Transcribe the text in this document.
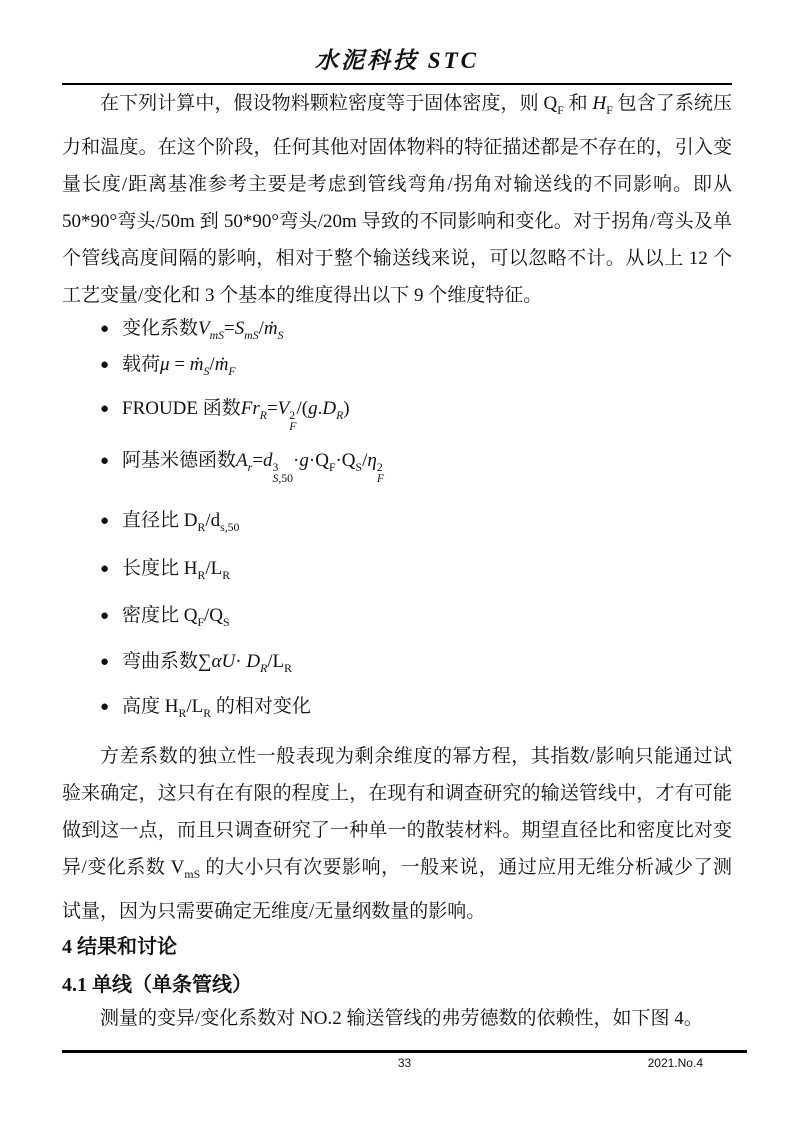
水泥科技 STC

在下列计算中，假设物料颗粒密度等于固体密度，则 $Q_F$ 和 $H_F$ 包含了系统压力和温度。在这个阶段，任何其他对固体物料的特征描述都是不存在的，引入变量长度/距离基准参考主要是考虑到管线弯角/拐角对输送线的不同影响。即从 50*90°弯头/50m 到 50*90°弯头/20m 导致的不同影响和变化。对于拐角/弯头及单个管线高度间隔的影响，相对于整个输送线来说，可以忽略不计。从以上 12 个工艺变量/变化和 3 个基本的维度得出以下 9 个维度特征。

● 变化系数$V_{mS}=S_{mS}/ṁ_S$
● 载荷μ = ṁ$_S$/ṁ$_F$
● FROUDE 函数$Fr_R=V$ 2
F
$/(g.D_R)$
● 阿基米德函数$A_r=d$ 3
S,50
$\cdot g\cdot Q_F\cdot Q_S/\eta$ 2
F
● 直径比 $D_R/d_{s,50}$
● 长度比 $H_R/L_R$
● 密度比 $Q_F/Q_S$
● 弯曲系数$\sum\alpha U\cdot D_R/L_R$
● 高度 $H_R/L_R$ 的相对变化

方差系数的独立性一般表现为剩余维度的幂方程，其指数/影响只能通过试验来确定，这只有在有限的程度上，在现有和调查研究的输送管线中，才有可能做到这一点，而且只调查研究了一种单一的散装材料。期望直径比和密度比对变异/变化系数 $V_{mS}$ 的大小只有次要影响，一般来说，通过应用无维分析减少了测试量，因为只需要确定无维度/无量纲数量的影响。

4 结果和讨论
4.1 单线（单条管线）

测量的变异/变化系数对 NO.2 输送管线的弗劳德数的依赖性，如下图 4。

33	2021.No.4
